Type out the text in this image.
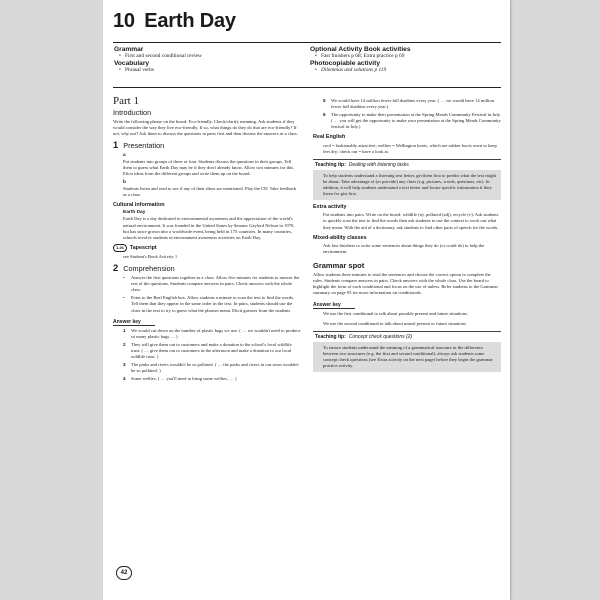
10 Earth Day
Grammar
• First and second conditional review
Vocabulary
• Phrasal verbs
Optional Activity Book activities
• Fast finishers p 68; Extra practice p 69
Photocopiable activity
• Dilemmas and solutions p 119
Part 1
Introduction
Write the following phrase on the board: Eco-friendly. Check/clarify meaning. Ask students if they would consider the way they live eco-friendly. If so, what things do they do that are eco-friendly? If not, why not? Ask them to discuss the questions in pairs first and then discuss the answers as a class.
1 Presentation
a
Put students into groups of three or four. Students discuss the questions in their groups. Tell them to guess what Earth Day may be if they don't already know. Allow two minutes for this. Elicit ideas from the different groups and write them up on the board.
b
Students listen and read to see if any of their ideas are mentioned. Play the CD. Take feedback as a class.
Cultural information
Earth Day
Earth Day is a day dedicated to environmental awareness and the appreciation of the world's natural environment. It was founded in the United States by Senator Gaylord Nelson in 1970, but has since grown into a worldwide event, being held in 175 countries. In many countries, schools involve students in environment awareness activities on Earth Day.
1.26	Tapescript
see Student's Book Activity 1
2 Comprehension
• Answer the first questions together as a class. Allow five minutes for students to answer the rest of the questions. Students compare answers in pairs. Check answers with the whole class.
• Point to the Real English box. Allow students a minute to scan the text to find the words. Tell them that they appear in the same order in the text. In pairs, students should use the clues in the text to try to guess what the phrases mean. Elicit guesses from the students
Answer key
1 We would cut down on the number of plastic bags we use. ( … we wouldn't need to produce so many plastic bags … )
2 They will give them out to customers and make a donation to the school's local wildlife trust. ( … give them out to customers in the afternoon and make a donation to our local wildlife trust. )
3 The parks and rivers wouldn't be so polluted. ( … the parks and rivers in our town wouldn't be so polluted. )
4 Some wellies. ( … you'll need to bring some wellies, … )
5 We would have 14 million fewer full dustbins every year. ( … we would have 14 million fewer full dustbins every year.)
6 The opportunity to make their presentation at the Spring Meads Community Festival in July. ( … you will get the opportunity to make your presentation at the Spring Meads Community festival in July.)
Real English
cool = fashionably attractive; wellies = Wellington boots, which are rubber boots worn to keep feet dry; check out = have a look at.
Teaching tip: Dealing with listening tasks
To help students understand a listening text better, get them first to predict what the text might be about. Take advantage of (or provide) any clues (e.g. pictures, words, questions, etc). In addition, it will help students understand a text better and locate specific information if they listen for gist first.
Extra activity
Put students into pairs. Write on the board: wildlife (n), polluted (adj), recycle (v). Ask students to quickly scan the text to find the words then ask students to use the context to work out what they mean. With the aid of a dictionary, ask students to find other parts of speech for the words.
Mixed-ability classes
Ask fast finishers to write some sentences about things they do (or could do) to help the environment.
Grammar spot
Allow students three minutes to read the sentences and choose the correct option to complete the rules. Students compare answers in pairs. Check answers with the whole class. Use the board to highlight the form of each conditional and focus on the use of unless. Refer students to the Grammar summary on page 95 for more information on conditionals.
Answer key
We use the first conditional to talk about possible present and future situations.
We use the second conditional to talk about unreal present or future situations.
Teaching tip: Concept check questions (2)
To ensure students understand the meaning of a grammatical structure or the difference between two structures (e.g. the first and second conditional), always ask students some concept check questions (see Extra activity on the next page) before they begin the grammar practice activity.
42
